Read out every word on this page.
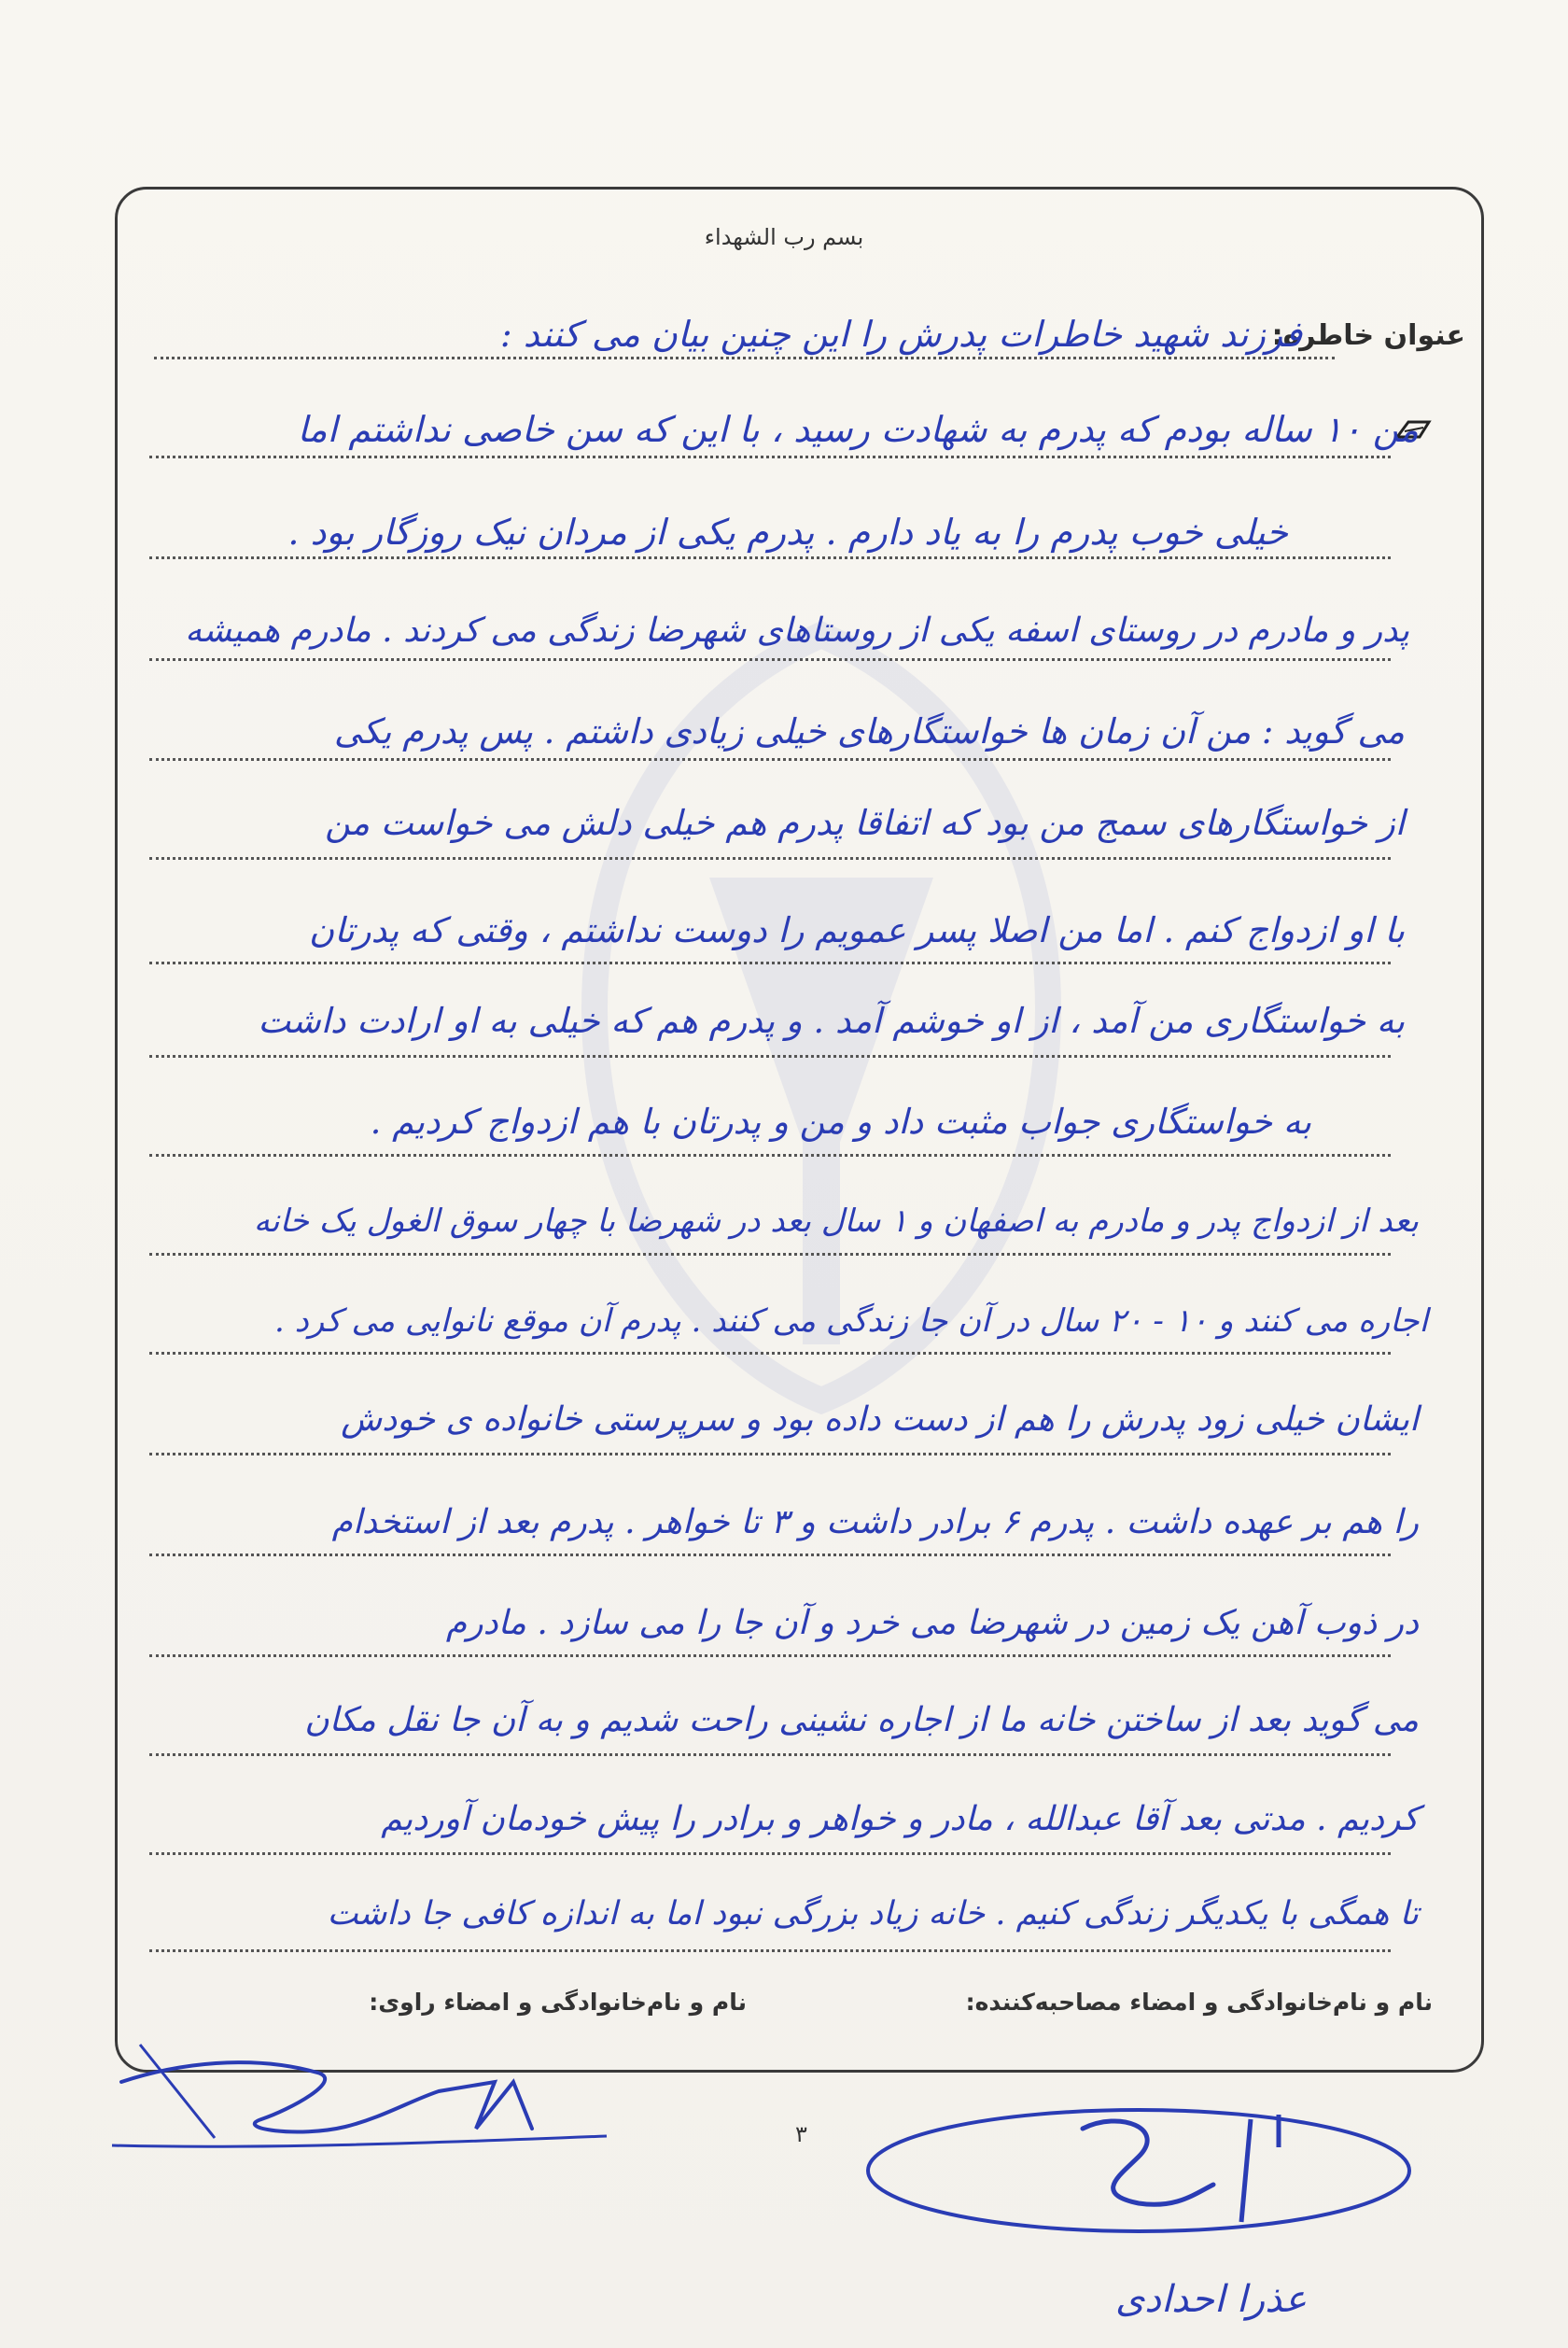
بسم رب الشهداء
عنوان خاطره:
فرزند شهید خاطرات پدرش را این چنین بیان می کنند :
من ۱۰ ساله بودم که پدرم به شهادت رسید ، با این که سن خاصی نداشتم اما
خیلی خوب پدرم را به یاد دارم . پدرم یکی از مردان نیک روزگار بود .
پدر و مادرم در روستای اسفه یکی از روستاهای شهرضا زندگی می کردند . مادرم همیشه
می گوید : من آن زمان ها خواستگارهای خیلی زیادی داشتم . پس پدرم یکی
از خواستگارهای سمج من بود که اتفاقا پدرم هم خیلی دلش می خواست من
با او ازدواج کنم . اما من اصلا پسر عمویم را دوست نداشتم ، وقتی که پدرتان
به خواستگاری من آمد ، از او خوشم آمد . و پدرم هم که خیلی به او ارادت داشت
به خواستگاری جواب مثبت داد و من و پدرتان با هم ازدواج کردیم .
بعد از ازدواج پدر و مادرم به اصفهان و ۱ سال بعد در شهرضا با چهار سوق الغول یک خانه
اجاره می کنند و ۱۰ - ۲۰ سال در آن جا زندگی می کنند . پدرم آن موقع نانوایی می کرد .
ایشان خیلی زود پدرش را هم از دست داده بود و سرپرستی خانواده ی خودش
را هم بر عهده داشت . پدرم ۶ برادر داشت و ۳ تا خواهر . پدرم بعد از استخدام
در ذوب آهن یک زمین در شهرضا می خرد و آن جا را می سازد . مادرم
می گوید بعد از ساختن خانه ما از اجاره نشینی راحت شدیم و به آن جا نقل مکان
کردیم . مدتی بعد آقا عبدالله ، مادر و خواهر و برادر را پیش خودمان آوردیم
تا همگی با یکدیگر زندگی کنیم . خانه زیاد بزرگی نبود اما به اندازه کافی جا داشت
نام و نام‌خانوادگی و امضاء مصاحبه‌کننده:
نام و نام‌خانوادگی و امضاء راوی:
۳
عذرا احدادی
